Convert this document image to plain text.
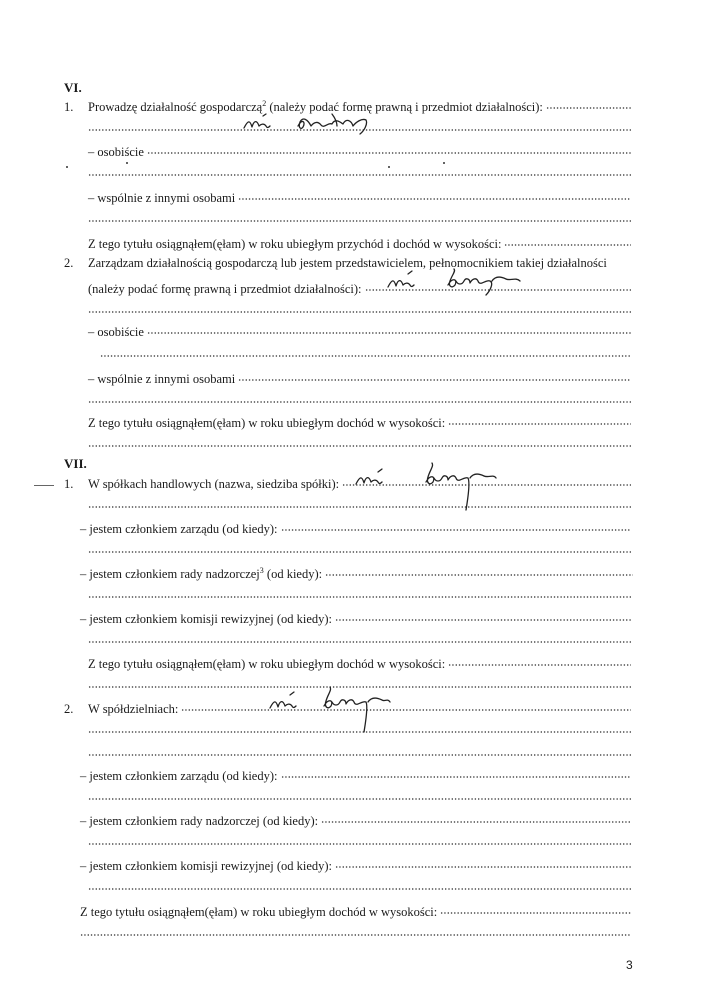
VI.
1. Prowadzę działalność gospodarczą$^2$ (należy podać formę prawną i przedmiot działalności):
– osobiście
– wspólnie z innymi osobami
Z tego tytułu osiągnąłem(ęłam) w roku ubiegłym przychód i dochód w wysokości:
2. Zarządzam działalnością gospodarczą lub jestem przedstawicielem, pełnomocnikiem takiej działalności
(należy podać formę prawną i przedmiot działalności):
– osobiście
– wspólnie z innymi osobami
Z tego tytułu osiągnąłem(ęłam) w roku ubiegłym dochód w wysokości:
VII.
1. W spółkach handlowych (nazwa, siedziba spółki):
– jestem członkiem zarządu (od kiedy):
– jestem członkiem rady nadzorczej$^3$ (od kiedy):
– jestem członkiem komisji rewizyjnej (od kiedy):
Z tego tytułu osiągnąłem(ęłam) w roku ubiegłym dochód w wysokości:
2. W spółdzielniach:
– jestem członkiem zarządu (od kiedy):
– jestem członkiem rady nadzorczej (od kiedy):
– jestem członkiem komisji rewizyjnej (od kiedy):
Z tego tytułu osiągnąłem(ęłam) w roku ubiegłym dochód w wysokości:
3
